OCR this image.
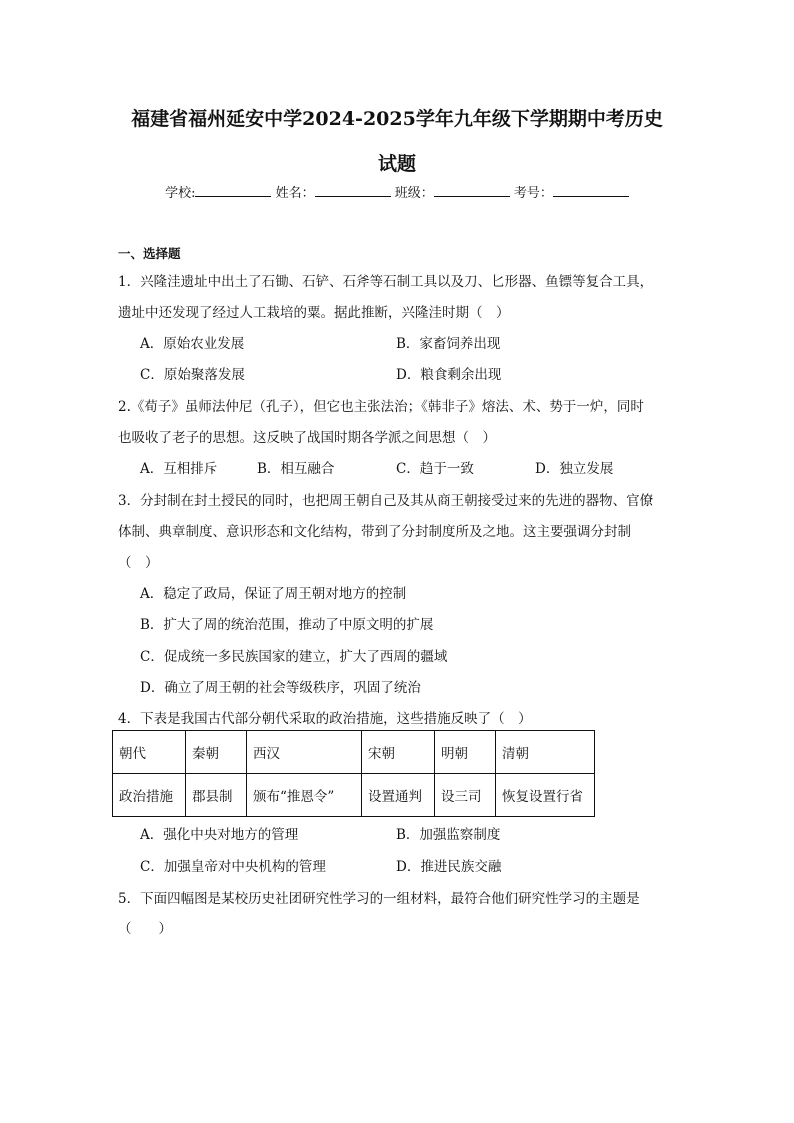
福建省福州延安中学2024-2025学年九年级下学期期中考历史
试题
学校:	姓名：	班级：	考号：
一、选择题
1．兴隆洼遗址中出土了石锄、石铲、石斧等石制工具以及刀、匕形器、鱼镖等复合工具，
遗址中还发现了经过人工栽培的粟。据此推断，兴隆洼时期（　）
A．原始农业发展	B．家畜饲养出现
C．原始聚落发展	D．粮食剩余出现
2.《荀子》虽师法仲尼（孔子），但它也主张法治；《韩非子》熔法、术、势于一炉，同时
也吸收了老子的思想。这反映了战国时期各学派之间思想（　）
A．互相排斥	B．相互融合	C．趋于一致	D．独立发展
3．分封制在封土授民的同时，也把周王朝自己及其从商王朝接受过来的先进的器物、官僚
体制、典章制度、意识形态和文化结构，带到了分封制度所及之地。这主要强调分封制
（　）
A．稳定了政局，保证了周王朝对地方的控制
B．扩大了周的统治范围，推动了中原文明的扩展
C．促成统一多民族国家的建立，扩大了西周的疆域
D．确立了周王朝的社会等级秩序，巩固了统治
4．下表是我国古代部分朝代采取的政治措施，这些措施反映了（　）
朝代	秦朝	西汉	宋朝	明朝	清朝
政治措施	郡县制	颁布“推恩令”	设置通判	设三司	恢复设置行省
A．强化中央对地方的管理	B．加强监察制度
C．加强皇帝对中央机构的管理	D．推进民族交融
5．下面四幅图是某校历史社团研究性学习的一组材料，最符合他们研究性学习的主题是
（　　）
